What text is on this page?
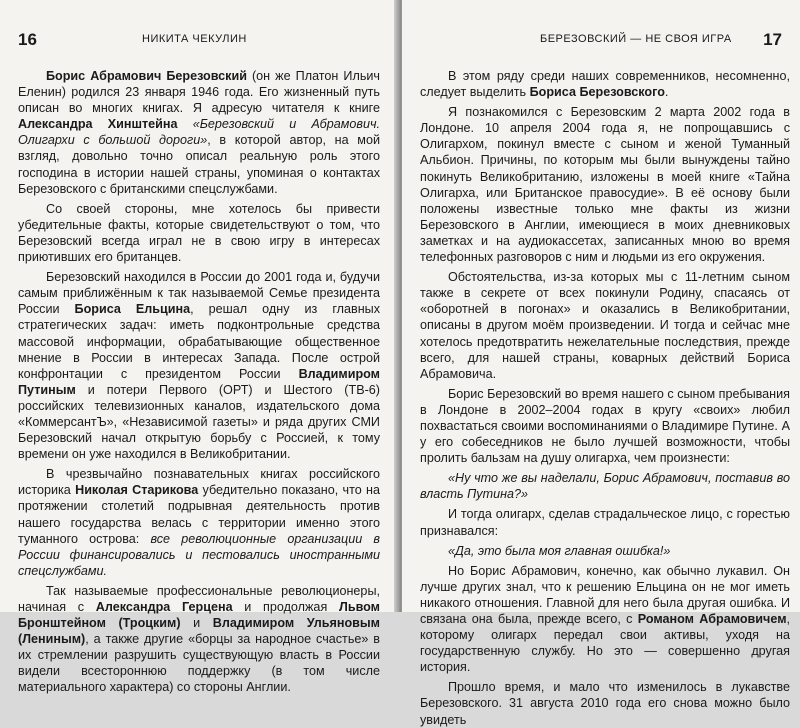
16	НИКИТА ЧЕКУЛИН

Борис Абрамович Березовский (он же Платон Ильич Еленин) родился 23 января 1946 года. Его жизненный путь описан во многих книгах. Я адресую читателя к книге Александра Хинштейна «Березовский и Абрамович. Олигархи с большой дороги», в которой автор, на мой взгляд, довольно точно описал реальную роль этого господина в истории нашей страны, упоминая о контактах Березовского с британскими спецслужбами.

Со своей стороны, мне хотелось бы привести убедительные факты, которые свидетельствуют о том, что Березовский всегда играл не в свою игру в интересах приютивших его британцев.

Березовский находился в России до 2001 года и, будучи самым приближённым к так называемой Семье президента России Бориса Ельцина, решал одну из главных стратегических задач: иметь подконтрольные средства массовой информации, обрабатывающие общественное мнение в России в интересах Запада. После острой конфронтации с президентом России Владимиром Путиным и потери Первого (ОРТ) и Шестого (ТВ-6) российских телевизионных каналов, издательского дома «КоммерсантЪ», «Независимой газеты» и ряда других СМИ Березовский начал открытую борьбу с Россией, к тому времени он уже находился в Великобритании.

В чрезвычайно познавательных книгах российского историка Николая Старикова убедительно показано, что на протяжении столетий подрывная деятельность против нашего государства велась с территории именно этого туманного острова: все революционные организации в России финансировались и пестовались иностранными спецслужбами.

Так называемые профессиональные революционеры, начиная с Александра Герцена и продолжая Львом Бронштейном (Троцким) и Владимиром Ульяновым (Лениным), а также другие «борцы за народное счастье» в их стремлении разрушить существующую власть в России видели всестороннюю поддержку (в том числе материального характера) со стороны Англии.

БЕРЕЗОВСКИЙ — НЕ СВОЯ ИГРА 17

В этом ряду среди наших современников, несомненно, следует выделить Бориса Березовского.

Я познакомился с Березовским 2 марта 2002 года в Лондоне. 10 апреля 2004 года я, не попрощавшись с Олигархом, покинул вместе с сыном и женой Туманный Альбион. Причины, по которым мы были вынуждены тайно покинуть Великобританию, изложены в моей книге «Тайна Олигарха, или Британское правосудие». В её основу были положены известные только мне факты из жизни Березовского в Англии, имеющиеся в моих дневниковых заметках и на аудиокассетах, записанных мною во время телефонных разговоров с ним и людьми из его окружения.

Обстоятельства, из-за которых мы с 11-летним сыном также в секрете от всех покинули Родину, спасаясь от «оборотней в погонах» и оказались в Великобритании, описаны в другом моём произведении. И тогда и сейчас мне хотелось предотвратить нежелательные последствия, прежде всего, для нашей страны, коварных действий Бориса Абрамовича.

Борис Березовский во время нашего с сыном пребывания в Лондоне в 2002–2004 годах в кругу «своих» любил похвастаться своими воспоминаниями о Владимире Путине. А у его собеседников не было лучшей возможности, чтобы пролить бальзам на душу олигарха, чем произнести:

«Ну что же вы наделали, Борис Абрамович, поставив во власть Путина?»

И тогда олигарх, сделав страдальческое лицо, с горестью признавался:

«Да, это была моя главная ошибка!»

Но Борис Абрамович, конечно, как обычно лукавил. Он лучше других знал, что к решению Ельцина он не мог иметь никакого отношения. Главной для него была другая ошибка. И связана она была, прежде всего, с Романом Абрамовичем, которому олигарх передал свои активы, уходя на государственную службу. Но это — совершенно другая история.

Прошло время, и мало что изменилось в лукавстве Березовского. 31 августа 2010 года его снова можно было увидеть
